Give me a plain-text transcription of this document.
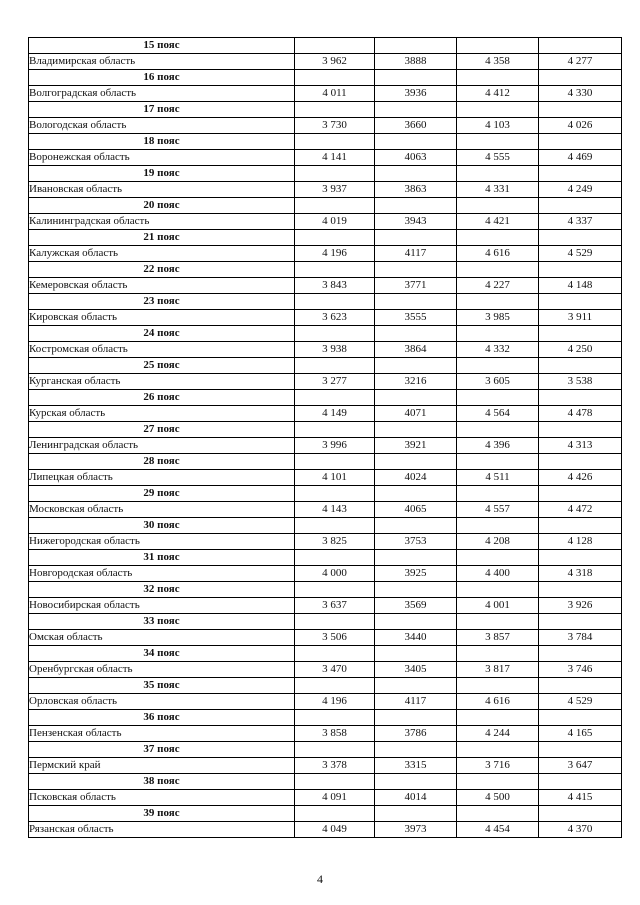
15 пояс				
Владимирская область	3 962	3888	4 358	4 277
16 пояс				
Волгоградская область	4 011	3936	4 412	4 330
17 пояс				
Вологодская область	3 730	3660	4 103	4 026
18 пояс				
Воронежская область	4 141	4063	4 555	4 469
19 пояс				
Ивановская область	3 937	3863	4 331	4 249
20 пояс				
Калининградская область	4 019	3943	4 421	4 337
21 пояс				
Калужская область	4 196	4117	4 616	4 529
22 пояс				
Кемеровская область	3 843	3771	4 227	4 148
23 пояс				
Кировская область	3 623	3555	3 985	3 911
24 пояс				
Костромская область	3 938	3864	4 332	4 250
25 пояс				
Курганская область	3 277	3216	3 605	3 538
26 пояс				
Курская область	4 149	4071	4 564	4 478
27 пояс				
Ленинградская область	3 996	3921	4 396	4 313
28 пояс				
Липецкая область	4 101	4024	4 511	4 426
29 пояс				
Московская область	4 143	4065	4 557	4 472
30 пояс				
Нижегородская область	3 825	3753	4 208	4 128
31 пояс				
Новгородская область	4 000	3925	4 400	4 318
32 пояс				
Новосибирская область	3 637	3569	4 001	3 926
33 пояс				
Омская область	3 506	3440	3 857	3 784
34 пояс				
Оренбургская область	3 470	3405	3 817	3 746
35 пояс				
Орловская область	4 196	4117	4 616	4 529
36 пояс				
Пензенская область	3 858	3786	4 244	4 165
37 пояс				
Пермский край	3 378	3315	3 716	3 647
38 пояс				
Псковская область	4 091	4014	4 500	4 415
39 пояс				
Рязанская область	4 049	3973	4 454	4 370
4
